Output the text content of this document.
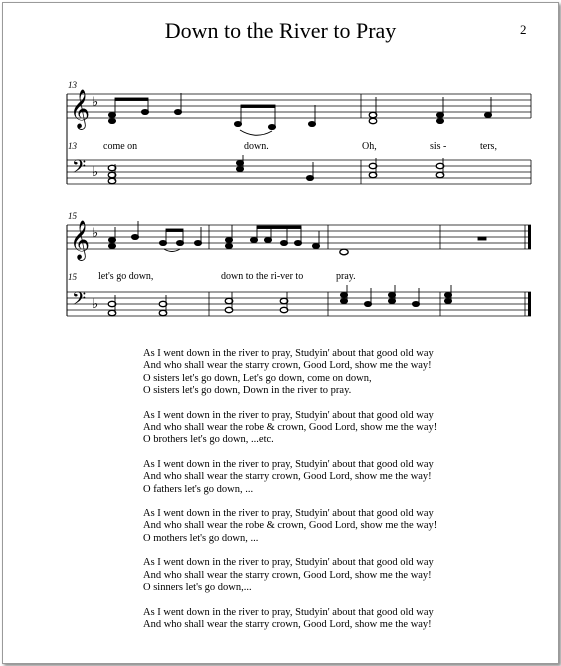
Down to the River to Pray	2
13
13
15
15
come on	down.	Oh,	sis -	ters,
let's go down,	down to the ri-ver to	pray.
𝄞
𝄢
𝄞
𝄢
♭
♭
♭
♭
As I went down in the river to pray, Studyin' about that good old way
And who shall wear the starry crown, Good Lord, show me the way!
O sisters let's go down, Let's go down, come on down,
O sisters let's go down, Down in the river to pray.
As I went down in the river to pray, Studyin' about that good old way
And who shall wear the robe & crown, Good Lord, show me the way!
O brothers let's go down, ...etc.
As I went down in the river to pray, Studyin' about that good old way
And who shall wear the starry crown, Good Lord, show me the way!
O fathers let's go down, ...
As I went down in the river to pray, Studyin' about that good old way
And who shall wear the robe & crown, Good Lord, show me the way!
O mothers let's go down, ...
As I went down in the river to pray, Studyin' about that good old way
And who shall wear the starry crown, Good Lord, show me the way!
O sinners let's go down,...
As I went down in the river to pray, Studyin' about that good old way
And who shall wear the starry crown, Good Lord, show me the way!
